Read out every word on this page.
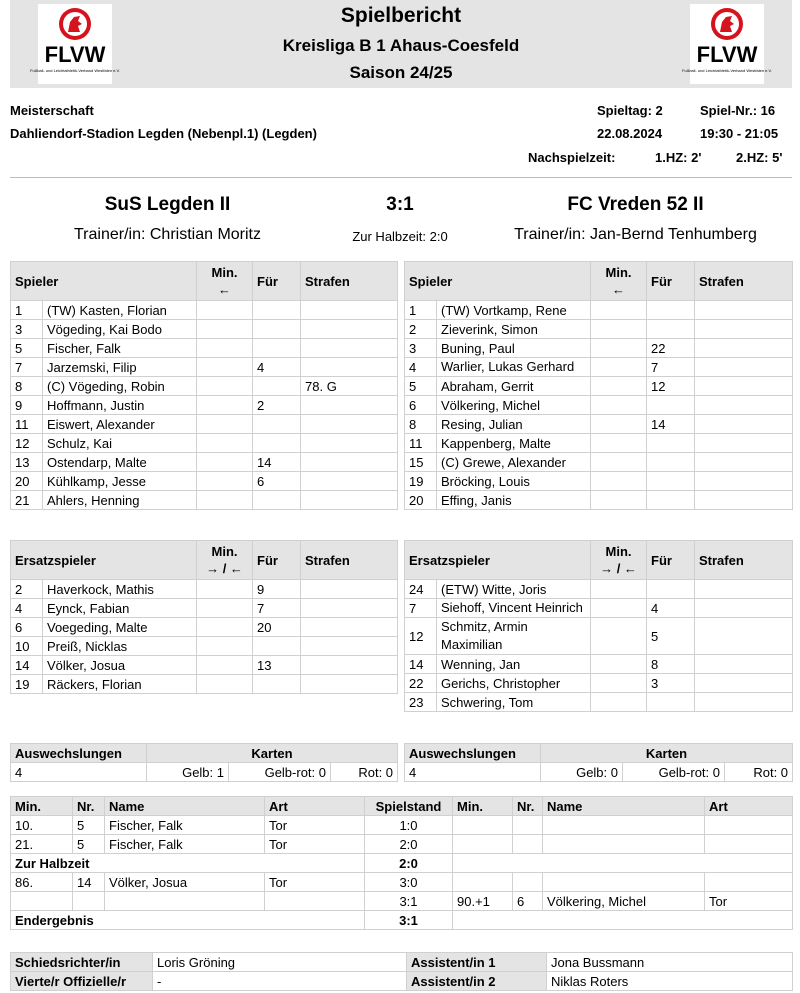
FLVW
Fußball- und Leichtathletik-Verband Westfalen e.V.
FLVW
Fußball- und Leichtathletik-Verband Westfalen e.V.
Spielbericht
Kreisliga B 1 Ahaus-Coesfeld
Saison 24/25
Meisterschaft
Dahliendorf-Stadion Legden (Nebenpl.1) (Legden)
Spieltag: 2	Spiel-Nr.: 16
22.08.2024	19:30 - 21:05
Nachspielzeit:	1.HZ: 2'	2.HZ: 5'
SuS Legden II	3:1	FC Vreden 52 II
Trainer/in: Christian Moritz	Zur Halbzeit: 2:0	Trainer/in: Jan-Bernd Tenhumberg
Spieler		Min.
←	Für	Strafen
1	(TW) Kasten, Florian			
3	Vögeding, Kai Bodo			
5	Fischer, Falk			
7	Jarzemski, Filip		4	
8	(C) Vögeding, Robin			78. G
9	Hoffmann, Justin		2	
11	Eiswert, Alexander			
12	Schulz, Kai			
13	Ostendarp, Malte		14	
20	Kühlkamp, Jesse		6	
21	Ahlers, Henning			
Spieler		Min.
←	Für	Strafen
1	(TW) Vortkamp, Rene			
2	Zieverink, Simon			
3	Buning, Paul		22	
4	Warlier, Lukas Gerhard		7	
5	Abraham, Gerrit		12	
6	Völkering, Michel			
8	Resing, Julian		14	
11	Kappenberg, Malte			
15	(C) Grewe, Alexander			
19	Bröcking, Louis			
20	Effing, Janis			
Ersatzspieler		Min.
→ / ←	Für	Strafen
2	Haverkock, Mathis		9	
4	Eynck, Fabian		7	
6	Voegeding, Malte		20	
10	Preiß, Nicklas			
14	Völker, Josua		13	
19	Räckers, Florian			
Ersatzspieler		Min.
→ / ←	Für	Strafen
24	(ETW) Witte, Joris			
7	Siehoff, Vincent Heinrich		4	
12	Schmitz, Armin Maximilian		5	
14	Wenning, Jan		8	
22	Gerichs, Christopher		3	
23	Schwering, Tom			
Auswechslungen	Karten		
4	Gelb: 1	Gelb-rot: 0	Rot: 0
Auswechslungen	Karten		
4	Gelb: 0	Gelb-rot: 0	Rot: 0
Min.	Nr.	Name	Art	Spielstand	Min.	Nr.	Name	Art
10.	5	Fischer, Falk	Tor	1:0				
21.	5	Fischer, Falk	Tor	2:0				
Zur Halbzeit				2:0				
86.	14	Völker, Josua	Tor	3:0				
				3:1	90.+1	6	Völkering, Michel	Tor
Endergebnis				3:1				
Schiedsrichter/in	Loris Gröning	Assistent/in 1	Jona Bussmann
Vierte/r Offizielle/r	-	Assistent/in 2	Niklas Roters
